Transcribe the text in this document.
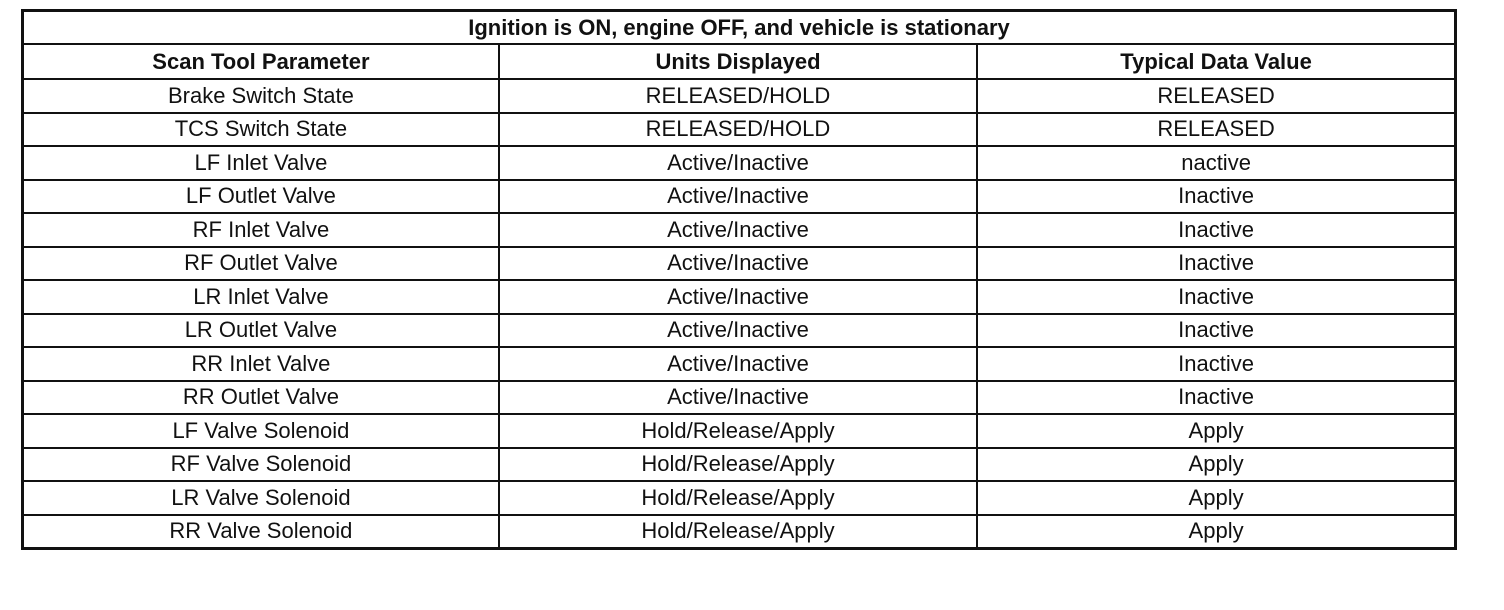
Ignition is ON, engine OFF, and vehicle is stationary		
Scan Tool Parameter	Units Displayed	Typical Data Value
Brake Switch State	RELEASED/HOLD	RELEASED
TCS Switch State	RELEASED/HOLD	RELEASED
LF Inlet Valve	Active/Inactive	nactive
LF Outlet Valve	Active/Inactive	Inactive
RF Inlet Valve	Active/Inactive	Inactive
RF Outlet Valve	Active/Inactive	Inactive
LR Inlet Valve	Active/Inactive	Inactive
LR Outlet Valve	Active/Inactive	Inactive
RR Inlet Valve	Active/Inactive	Inactive
RR Outlet Valve	Active/Inactive	Inactive
LF Valve Solenoid	Hold/Release/Apply	Apply
RF Valve Solenoid	Hold/Release/Apply	Apply
LR Valve Solenoid	Hold/Release/Apply	Apply
RR Valve Solenoid	Hold/Release/Apply	Apply
